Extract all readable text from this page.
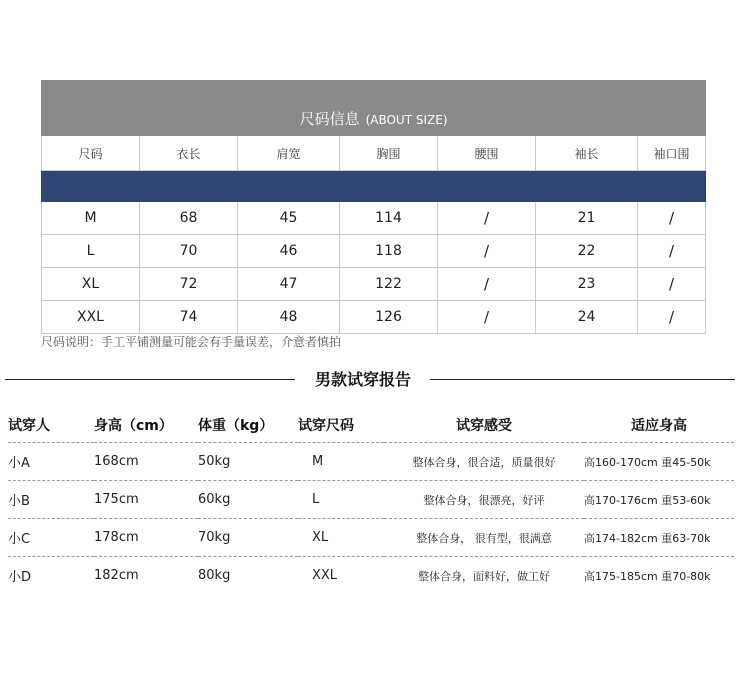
尺码信息 (ABOUT SIZE)						
尺码	衣长	肩宽	胸围	腰围	袖长	袖口围

M	68	45	114	/	21	/
L	70	46	118	/	22	/
XL	72	47	122	/	23	/
XXL	74	48	126	/	24	/
尺码说明：手工平铺测量可能会有手量误差，介意者慎拍
男款试穿报告
试穿人	身高（cm）	体重（kg）	试穿尺码	试穿感受	适应身高
小A	168cm	50kg	M	整体合身，很合适，质量很好	高160-170cm 重45-50k
小B	175cm	60kg	L	整体合身，很漂亮，好评	高170-176cm 重53-60k
小C	178cm	70kg	XL	整体合身， 很有型，很满意	高174-182cm 重63-70k
小D	182cm	80kg	XXL	整体合身，面料好，做工好	高175-185cm 重70-80k
